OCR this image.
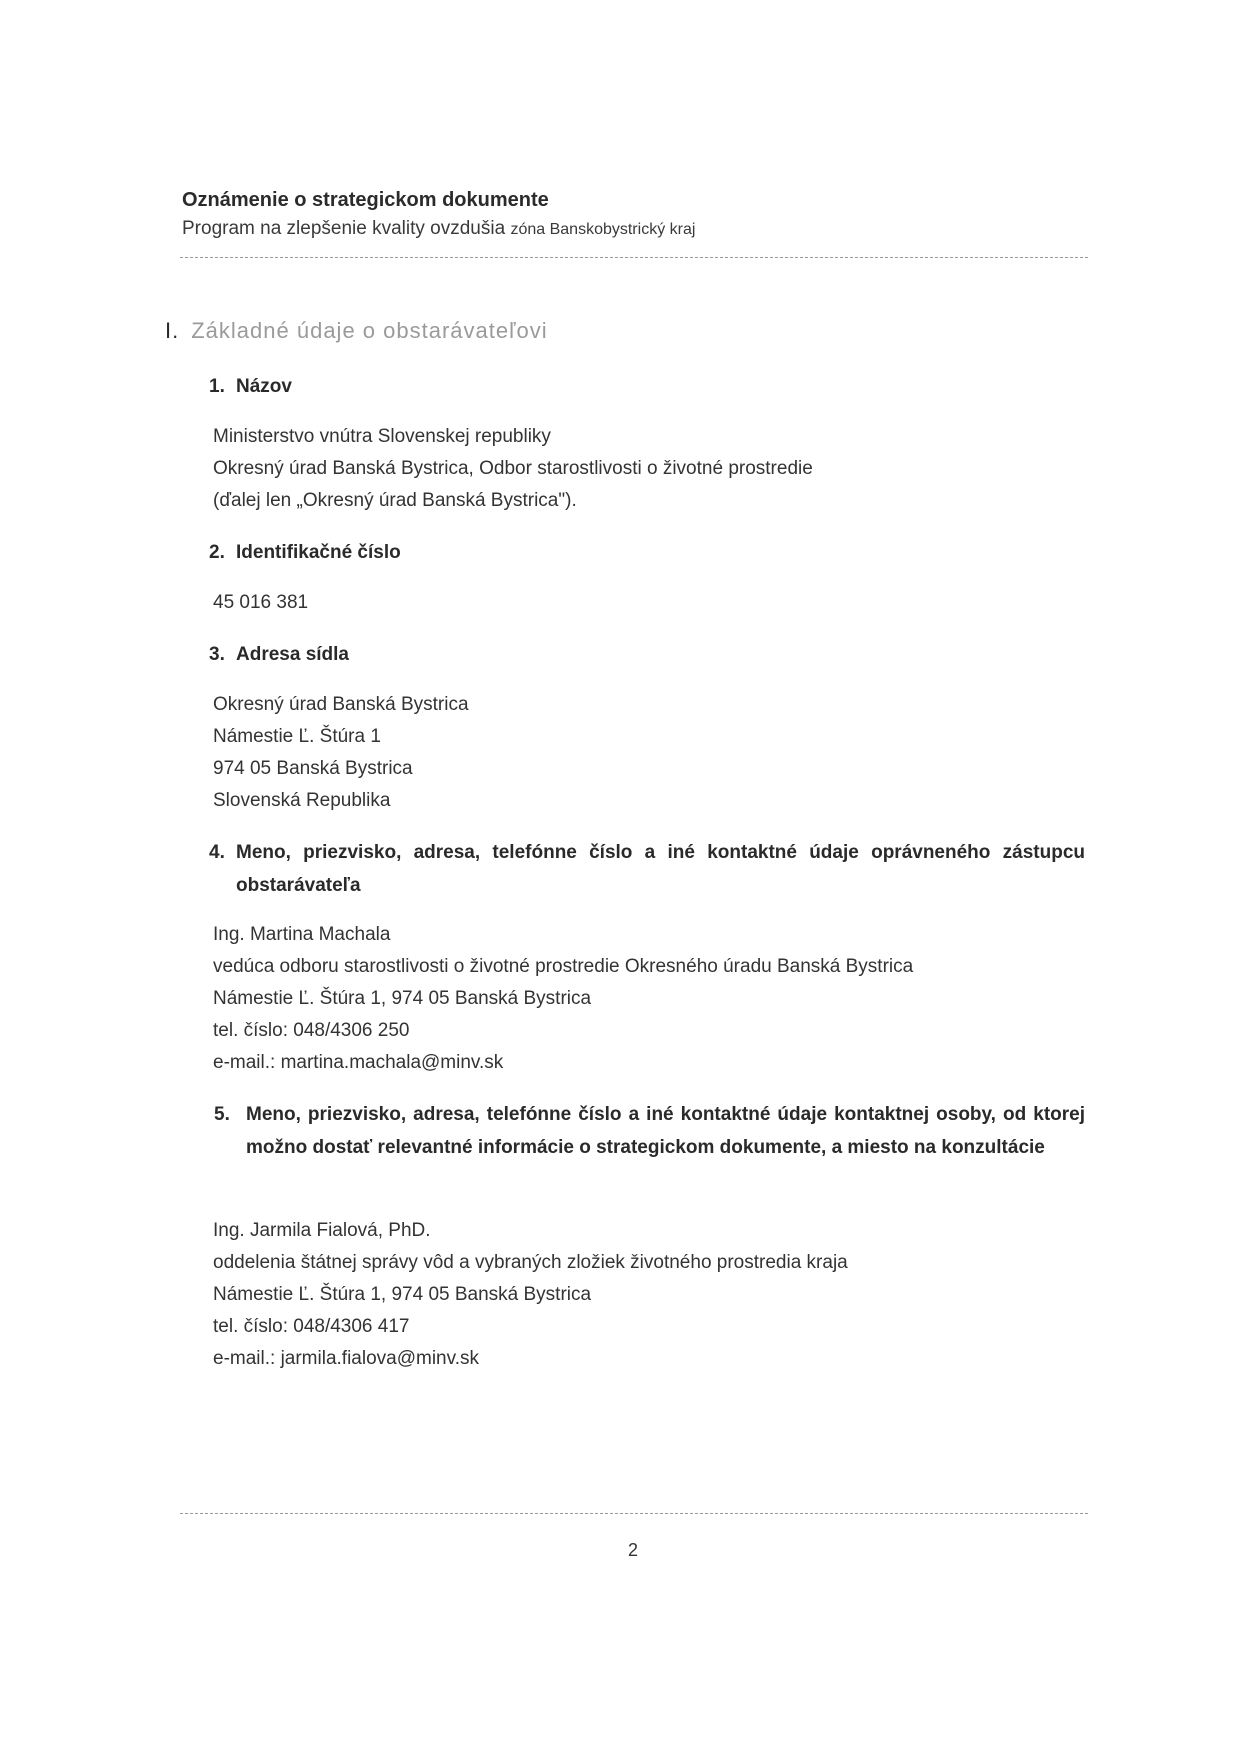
Oznámenie o strategickom dokumente
Program na zlepšenie kvality ovzdušia zóna Banskobystrický kraj
I. Základné údaje o obstarávateľovi
1. Názov
Ministerstvo vnútra Slovenskej republiky
Okresný úrad Banská Bystrica, Odbor starostlivosti o životné prostredie
(ďalej len „Okresný úrad Banská Bystrica").
2. Identifikačné číslo
45 016 381
3. Adresa sídla
Okresný úrad Banská Bystrica
Námestie Ľ. Štúra 1
974 05 Banská Bystrica
Slovenská Republika
4. Meno, priezvisko, adresa, telefónne číslo a iné kontaktné údaje oprávneného zástupcu obstarávateľa
Ing. Martina Machala
vedúca odboru starostlivosti o životné prostredie Okresného úradu Banská Bystrica
Námestie Ľ. Štúra 1, 974 05 Banská Bystrica
tel. číslo: 048/4306 250
e-mail.: martina.machala@minv.sk
5. Meno, priezvisko, adresa, telefónne číslo a iné kontaktné údaje kontaktnej osoby, od ktorej možno dostať relevantné informácie o strategickom dokumente, a miesto na konzultácie
Ing. Jarmila Fialová, PhD.
oddelenia štátnej správy vôd a vybraných zložiek životného prostredia kraja
Námestie Ľ. Štúra 1, 974 05 Banská Bystrica
tel. číslo: 048/4306 417
e-mail.: jarmila.fialova@minv.sk
2
